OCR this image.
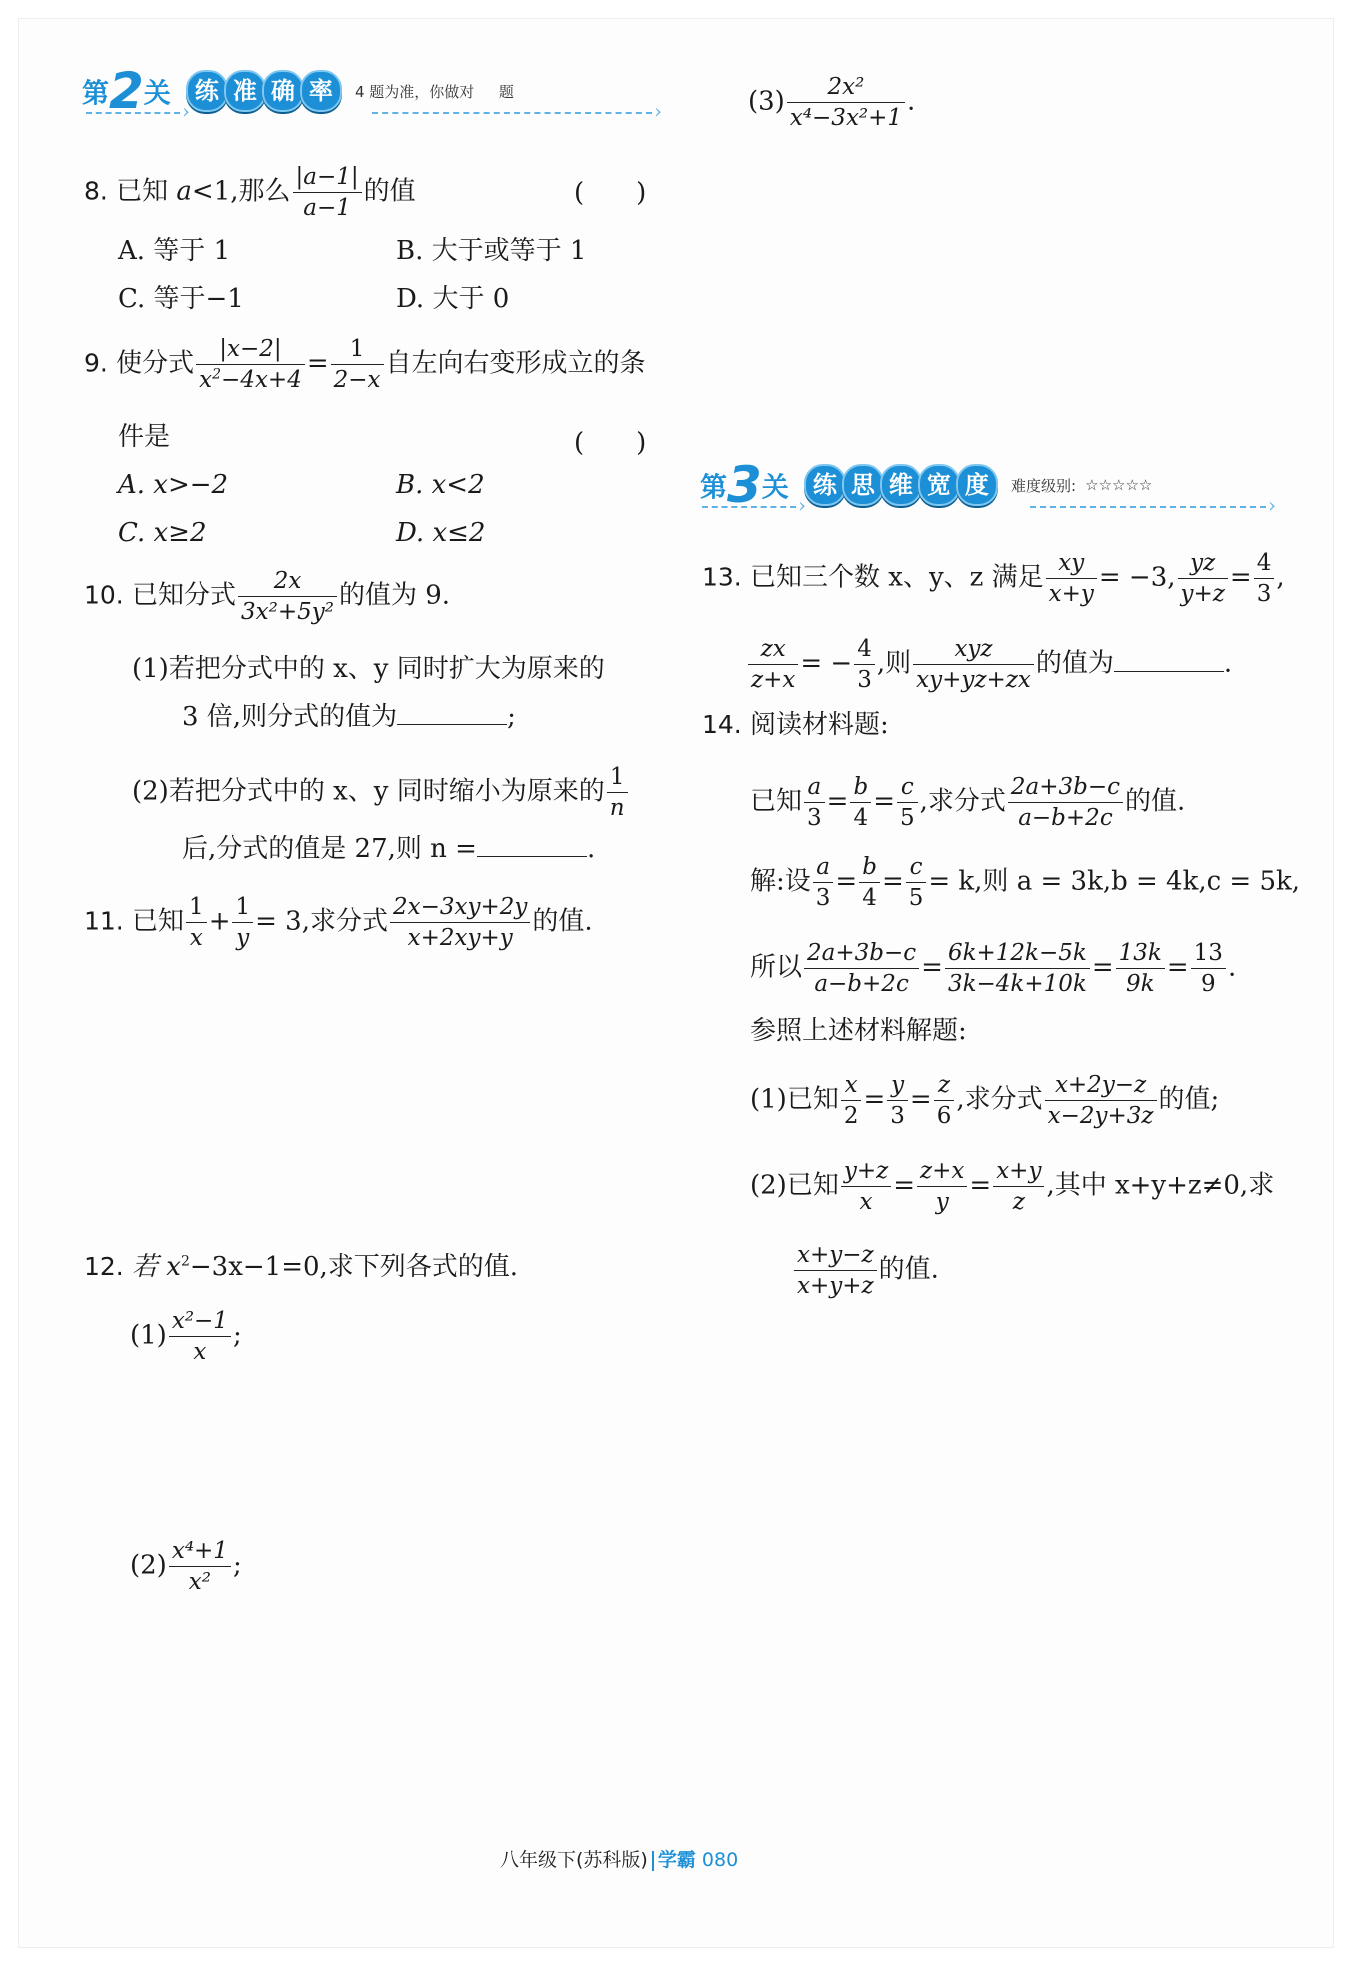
第2关 练 准 确 率 4 题为准，你做对 　 题
›
›
8. 已知 a<1,那么 $\frac{|a-1|}{a-1}$ 的值	(　　)
A. 等于 1	B. 大于或等于 1
C. 等于−1	D. 大于 0
9. 使分式 $\frac{|x-2|}{x^2-4x+4} = \frac{1}{2-x}$ 自左向右变形成立的条
件是	(　　)
A. x>−2	B. x<2
C. x≥2	D. x≤2
10. 已知分式 $\frac{2x}{\text{3x²+5y²}}$ 的值为 9.
(1)若把分式中的 x、y 同时扩大为原来的
3 倍,则分式的值为	;
(2)若把分式中的 x、y 同时缩小为原来的 $\frac{1}{n}$
后,分式的值是 27,则 n =	.
11. 已知 $\frac{1}{x} + \frac{1}{y} = 3$,求分式 $\frac{2x-3xy+2y}{x+2xy+y}$ 的值.
12. 若 $x^2-3x-1=0$,求下列各式的值.
$(1) \frac{\text{x²−1}}{x}$ ;
$(2) \frac{\text{x⁴+1}}{\text{x²}}$ ;
$(3) \frac{\text{2x²}}{\text{x⁴−3x²+1}}$ .
第3关 练 思 维 宽 度 难度级别: ☆☆☆☆☆
›
›
13. 已知三个数 x、y、z 满足 $\frac{xy}{x+y} = -3$, $\frac{yz}{y+z} = \frac{4}{3}$ ,
$\frac{zx}{z+x}$ = − $\frac{4}{3}$ ,则 $\frac{\text{xyz}}{xy+yz+zx}$ 的值为	.
14. 阅读材料题:
已知 $\frac{a}{3} = \frac{b}{4} = \frac{c}{5}$ ,求分式 $\frac{2a+3b-c}{a-b+2c}$ 的值.
解:设 $\frac{a}{3} = \frac{b}{4} = \frac{c}{5} = k$,则 a = 3k,b = 4k,c = 5k,
所以 $\frac{2a+3b-c}{a-b+2c} = \frac{6k+12k-5k}{3k-4k+10k} = \frac{13k}{9k} = \frac{13}{9}$ .
参照上述材料解题:
(1)已知 $\frac{x}{2} = \frac{y}{3} = \frac{z}{6}$ ,求分式 $\frac{x+2y-z}{x-2y+3z}$ 的值;
(2)已知 $\frac{y+z}{x} = \frac{z+x}{y} = \frac{x+y}{z}$ ,其中 x+y+z≠0,求
$\frac{x+y-z}{x+y+z}$ 的值.
八年级下(苏科版) 学霸 080
